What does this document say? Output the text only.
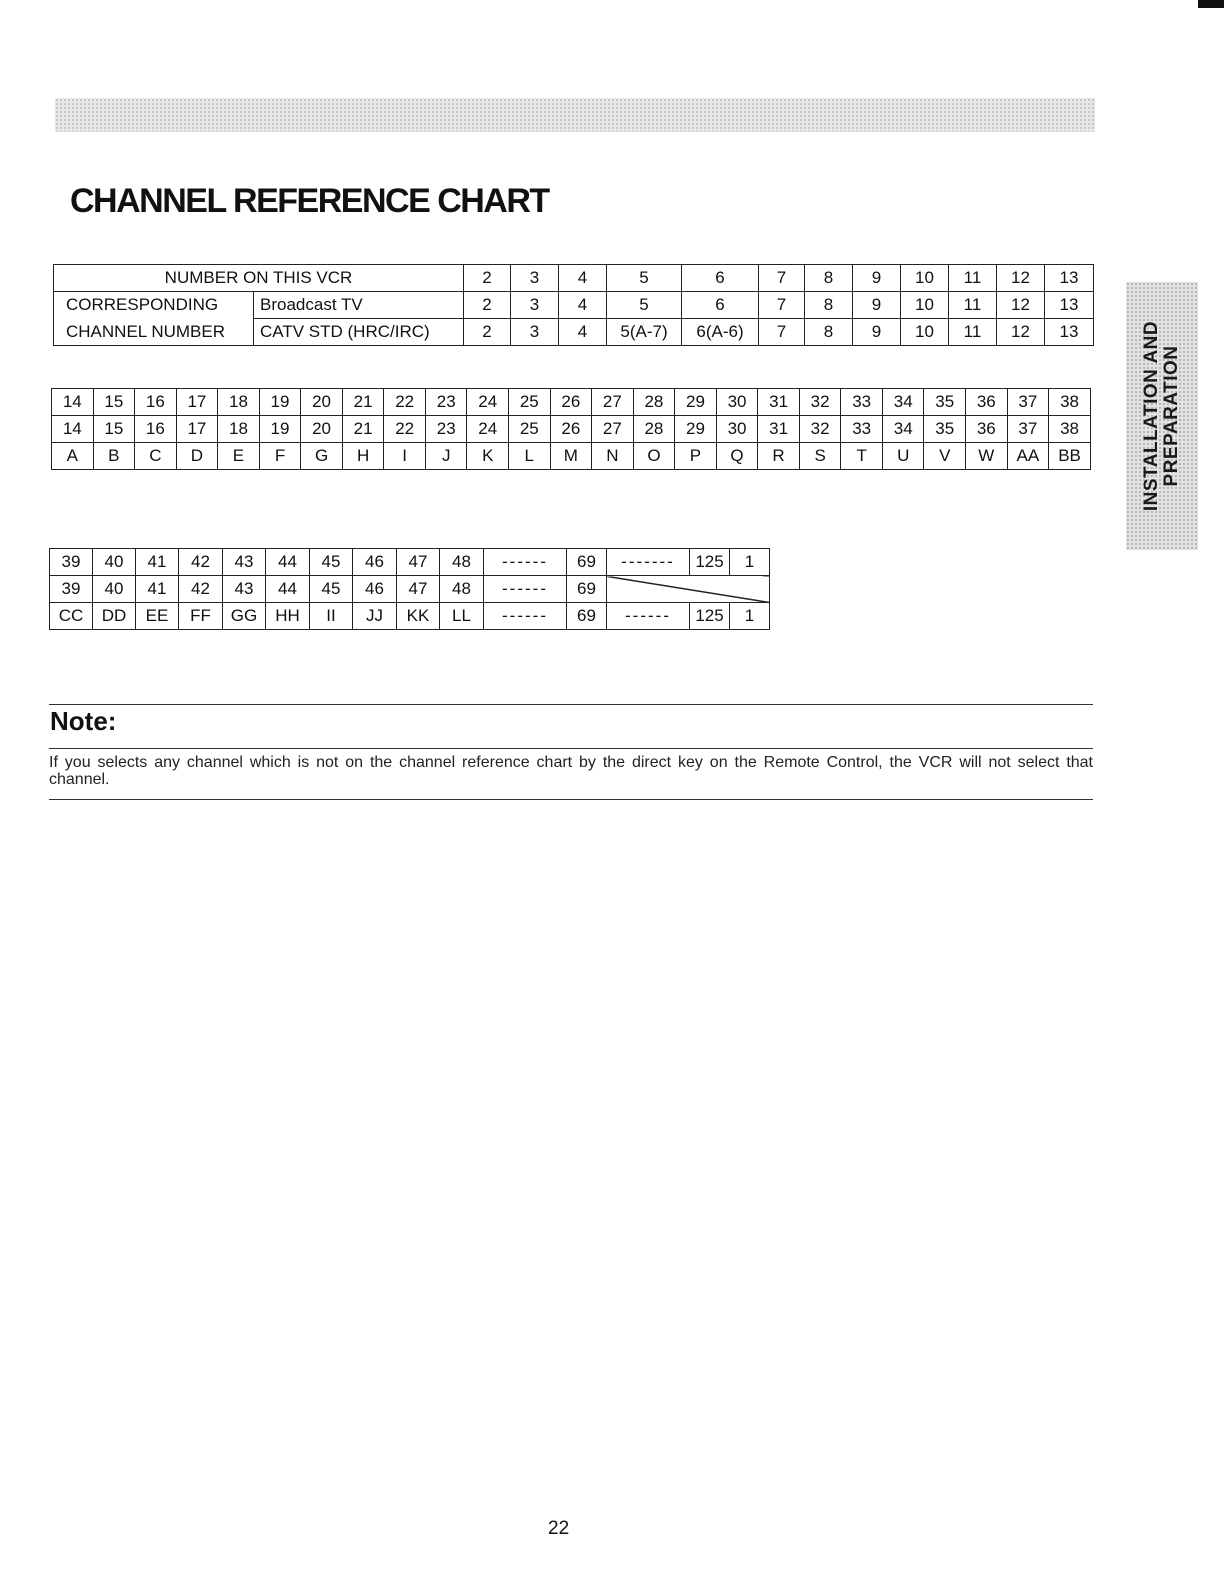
INSTALLATION AND PREPARATION
CHANNEL REFERENCE CHART
NUMBER ON THIS VCR		2	3	4	5	6	7	8	9	10	11	12	13
CORRESPONDING	Broadcast TV	2	3	4	5	6	7	8	9	10	11	12	13
CHANNEL NUMBER	CATV STD (HRC/IRC)	2	3	4	5(A-7)	6(A-6)	7	8	9	10	11	12	13
14	15	16	17	18	19	20	21	22	23	24	25	26	27	28	29	30	31	32	33	34	35	36	37	38
14	15	16	17	18	19	20	21	22	23	24	25	26	27	28	29	30	31	32	33	34	35	36	37	38
A	B	C	D	E	F	G	H	I	J	K	L	M	N	O	P	Q	R	S	T	U	V	W	AA	BB
39	40	41	42	43	44	45	46	47	48	------	69	-------	125	1
39	40	41	42	43	44	45	46	47	48	------	69			
CC	DD	EE	FF	GG	HH	II	JJ	KK	LL	------	69	------	125	1
Note:

If you selects any channel which is not on the channel reference chart by the direct key on the Remote Control, the VCR will not select that channel.

22
